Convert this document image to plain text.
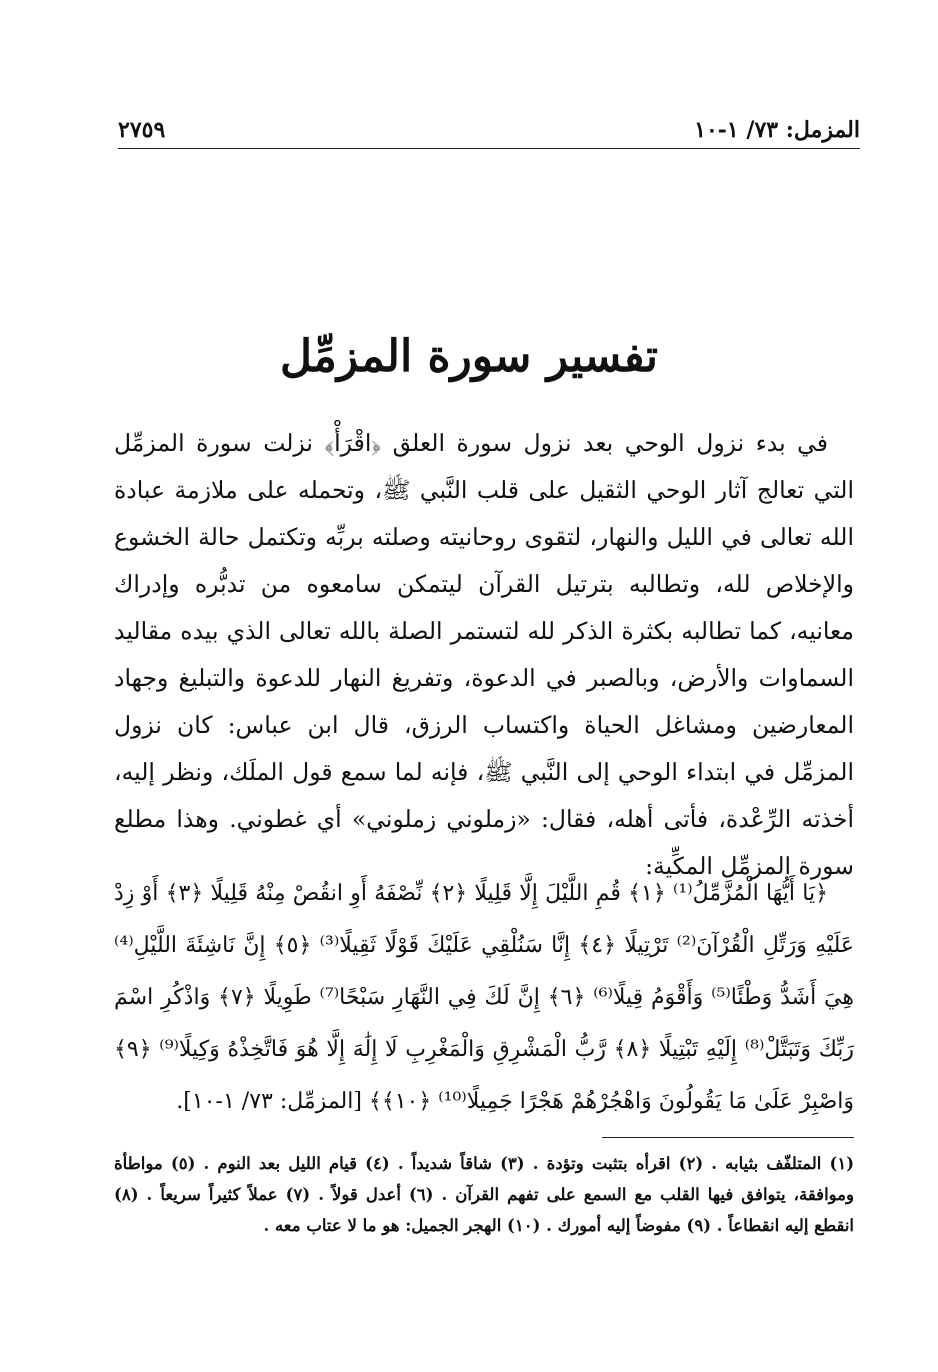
المزمل: ٧٣/ ١-١٠
٢٧٥٩
تفسير سورة المزمِّل

في بدء نزول الوحي بعد نزول سورة العلق ﴿اقْرَأْ﴾ نزلت سورة المزمِّل التي تعالج آثار الوحي الثقيل على قلب النَّبي ﷺ، وتحمله على ملازمة عبادة الله تعالى في الليل والنهار، لتقوى روحانيته وصلته بربِّه وتكتمل حالة الخشوع والإخلاص لله، وتطالبه بترتيل القرآن ليتمكن سامعوه من تدبُّره وإدراك معانيه، كما تطالبه بكثرة الذكر لله لتستمر الصلة بالله تعالى الذي بيده مقاليد السماوات والأرض، وبالصبر في الدعوة، وتفريغ النهار للدعوة والتبليغ وجهاد المعارضين ومشاغل الحياة واكتساب الرزق، قال ابن عباس: كان نزول المزمِّل في ابتداء الوحي إلى النَّبي ﷺ، فإنه لما سمع قول الملَك، ونظر إليه، أخذته الرِّعْدة، فأتى أهله، فقال: «زملوني زملوني» أي غطوني. وهذا مطلع سورة المزمِّل المكِّية:

﴿يَا أَيُّهَا الْمُزَّمِّلُ⁽¹⁾ ﴿١﴾ قُمِ اللَّيْلَ إِلَّا قَلِيلًا ﴿٢﴾ نِّصْفَهُ أَوِ انقُصْ مِنْهُ قَلِيلًا ﴿٣﴾ أَوْ زِدْ عَلَيْهِ وَرَتِّلِ الْقُرْآنَ⁽²⁾ تَرْتِيلًا ﴿٤﴾ إِنَّا سَنُلْقِي عَلَيْكَ قَوْلًا ثَقِيلًا⁽³⁾ ﴿٥﴾ إِنَّ نَاشِئَةَ اللَّيْلِ⁽⁴⁾ هِيَ أَشَدُّ وَطْئًا⁽⁵⁾ وَأَقْوَمُ قِيلًا⁽⁶⁾ ﴿٦﴾ إِنَّ لَكَ فِي النَّهَارِ سَبْحًا⁽⁷⁾ طَوِيلًا ﴿٧﴾ وَاذْكُرِ اسْمَ رَبِّكَ وَتَبَتَّلْ⁽⁸⁾ إِلَيْهِ تَبْتِيلًا ﴿٨﴾ رَّبُّ الْمَشْرِقِ وَالْمَغْرِبِ لَا إِلَٰهَ إِلَّا هُوَ فَاتَّخِذْهُ وَكِيلًا⁽⁹⁾ ﴿٩﴾ وَاصْبِرْ عَلَىٰ مَا يَقُولُونَ وَاهْجُرْهُمْ هَجْرًا جَمِيلًا⁽¹⁰⁾ ﴿١٠﴾﴾ [المزمِّل: ٧٣/ ١-١٠].

(١) المتلفّف بثيابه . (٢) اقرأه بتثبت وتؤدة . (٣) شاقاً شديداً . (٤) قيام الليل بعد النوم . (٥) مواطأة وموافقة، يتوافق فيها القلب مع السمع على تفهم القرآن . (٦) أعدل قولاً . (٧) عملاً كثيراً سريعاً . (٨) انقطع إليه انقطاعاً . (٩) مفوضاً إليه أمورك . (١٠) الهجر الجميل: هو ما لا عتاب معه .
